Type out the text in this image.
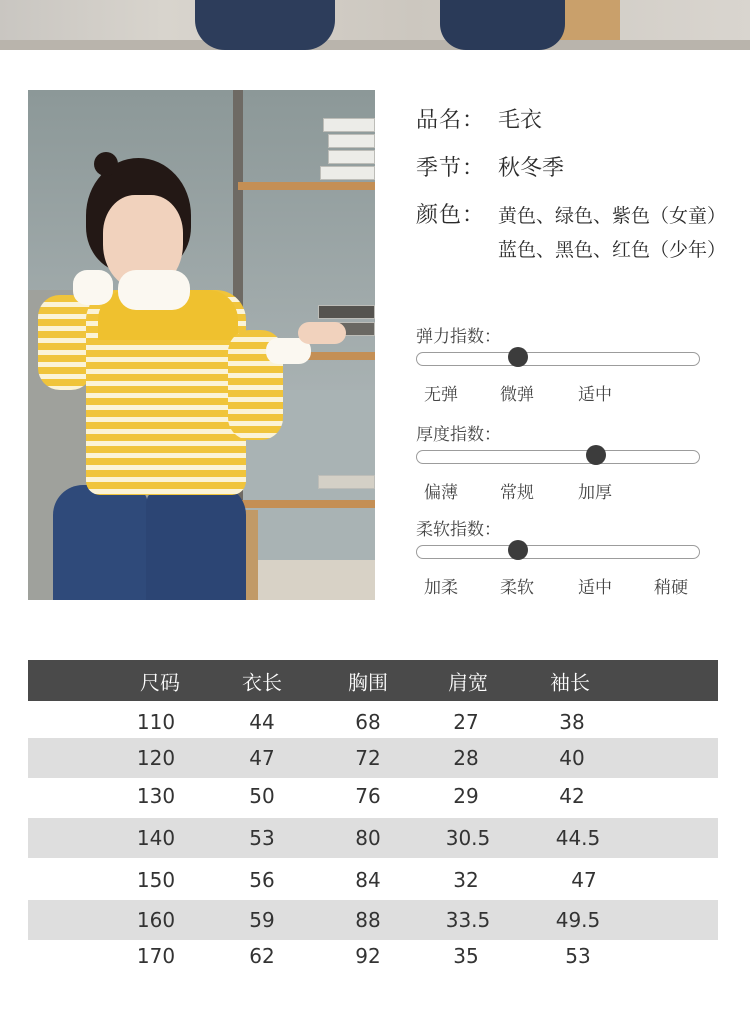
品名： 毛衣
季节： 秋冬季
颜色： 黄色、绿色、紫色（女童）
蓝色、黑色、红色（少年）
弹力指数：
无弹 微弹	适中
厚度指数：
偏薄 常规	加厚
柔软指数：
加柔 柔软	适中 稍硬
尺码	衣长	胸围	肩宽	袖长
110	44	68	27	38
120	47	72	28	40
130	50	76	29	42
140	53	80	30.5	44.5
150	56	84	32	47
160	59	88	33.5	49.5
170	62	92	35	53
